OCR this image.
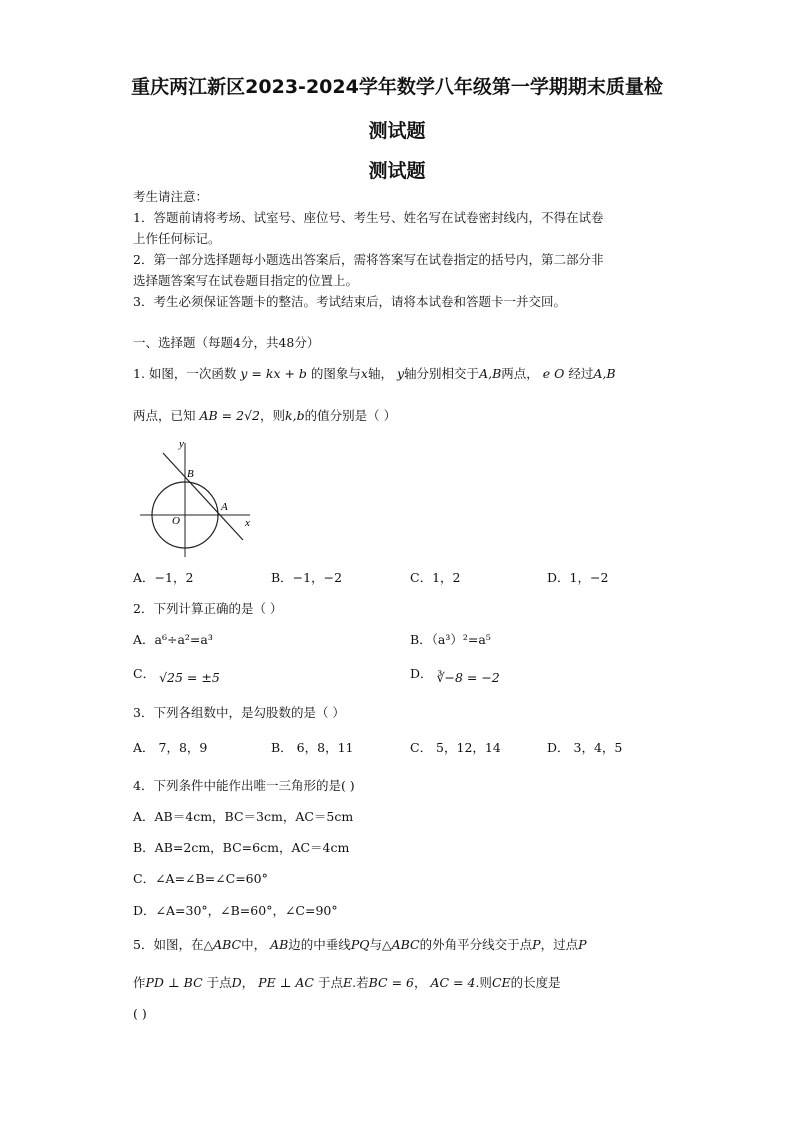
重庆两江新区2023-2024学年数学八年级第一学期期末质量检
测试题
测试题
考生请注意：
1．答题前请将考场、试室号、座位号、考生号、姓名写在试卷密封线内，不得在试卷
上作任何标记。
2．第一部分选择题每小题选出答案后，需将答案写在试卷指定的括号内，第二部分非
选择题答案写在试卷题目指定的位置上。
3．考生必须保证答题卡的整洁。考试结束后，请将本试卷和答题卡一并交回。
一、选择题（每题4分，共48分）
1. 如图，一次函数 y = kx + b 的图象与x轴， y轴分别相交于A,B两点， e O 经过A,B
两点，已知 AB = 2√2，则k,b的值分别是（ ）
y
x
B
A
O
A．−1，2	B．−1，−2	C．1，2	D．1，−2
2．下列计算正确的是（ ）
A．a⁶÷a²=a³	B．（a³）²=a⁵
C． √25 = ±5	D． ∛−8 = −2
3．下列各组数中，是勾股数的是（ ）
A． 7，8，9	B． 6，8，11	C． 5，12，14	D． 3，4，5
4．下列条件中能作出唯一三角形的是( )
A．AB＝4cm，BC＝3cm，AC＝5cm
B．AB=2cm，BC=6cm，AC＝4cm
C．∠A=∠B=∠C=60°
D．∠A=30°，∠B=60°，∠C=90°
5．如图，在△ABC中， AB边的中垂线PQ与△ABC的外角平分线交于点P，过点P
作PD ⊥ BC 于点D， PE ⊥ AC 于点E.若BC = 6， AC = 4.则CE的长度是
( )
